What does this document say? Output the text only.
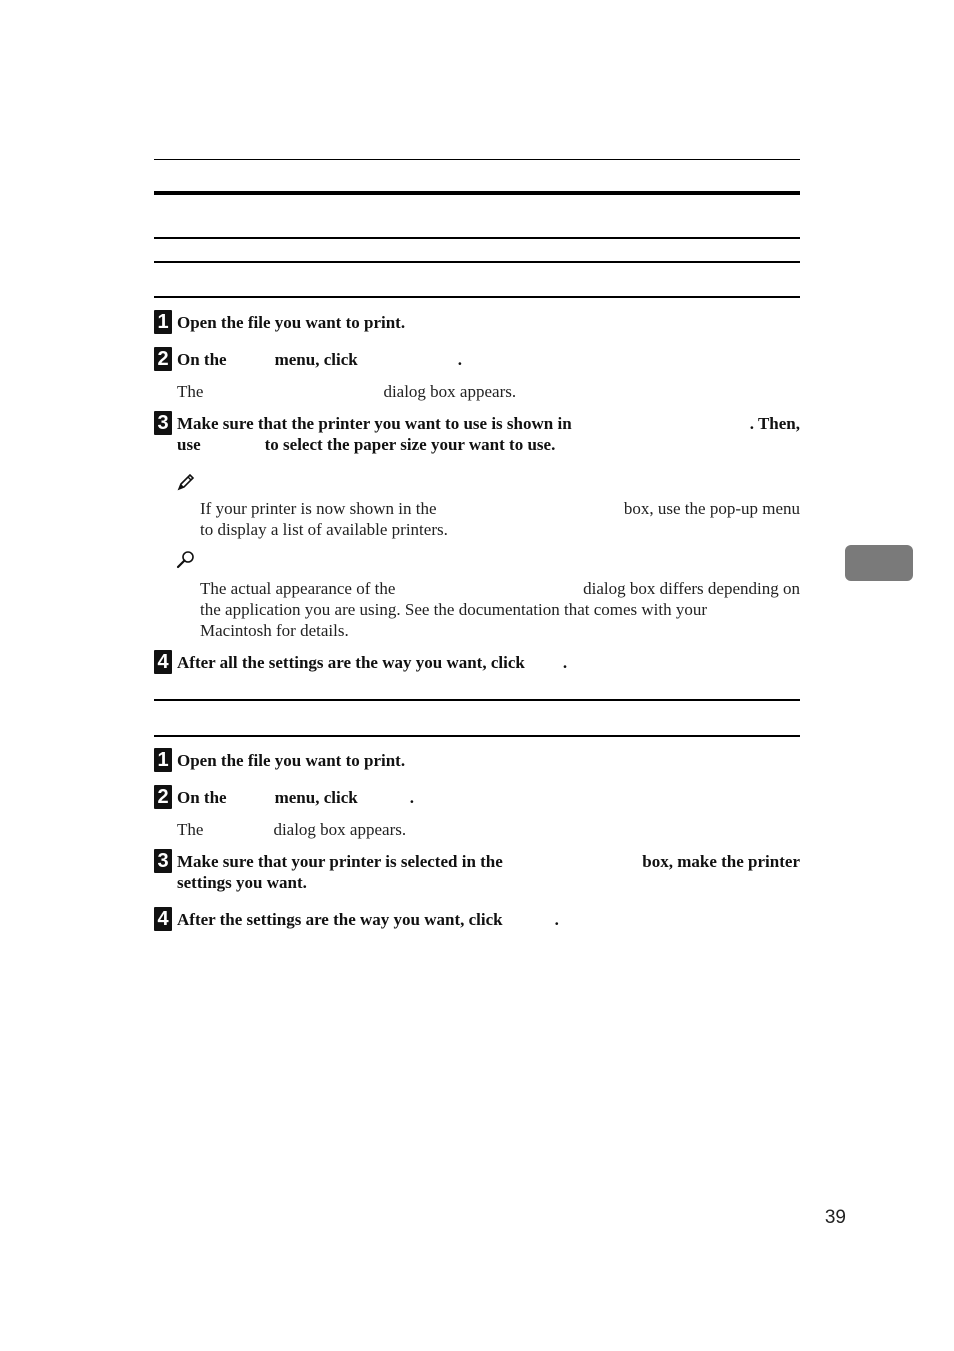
1 Open the file you want to print.
2 On the	menu, click	.
The	dialog box appears.
3 Make sure that the printer you want to use is shown in	. Then,
use	to select the paper size your want to use.
If your printer is now shown in the	box, use the pop-up menu
to display a list of available printers.
The actual appearance of the	dialog box differs depending on
the application you are using. See the documentation that comes with your
Macintosh for details.
4 After all the settings are the way you want, click .
1 Open the file you want to print.
2 On the	menu, click	.
The	dialog box appears.
3 Make sure that your printer is selected in the	box, make the printer
settings you want.
4 After the settings are the way you want, click	.
39
